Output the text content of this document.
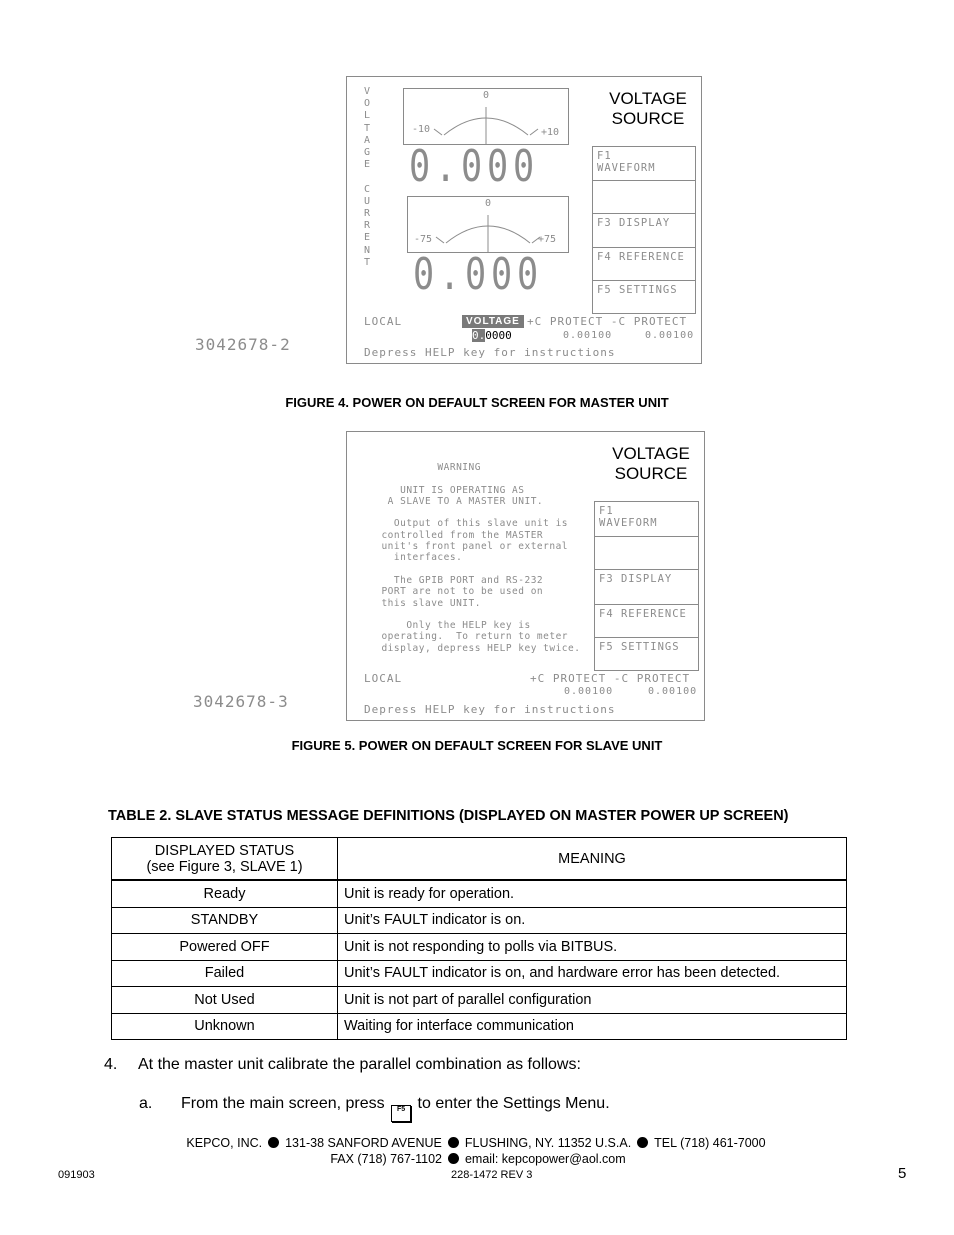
V
O
L
T
A
G
E
C
U
R
R
E
N
T
0
-10	+10
0.000
0
-75	+75
0.000
VOLTAGE
SOURCE
F1
WAVEFORM
F3 DISPLAY
F4 REFERENCE
F5 SETTINGS
LOCAL	VOLTAGE +C PROTECT -C PROTECT
0.0000	0.00100	0.00100
Depress HELP key for instructions
3042678-2
FIGURE 4. POWER ON DEFAULT SCREEN FOR MASTER UNIT
WARNING

UNIT IS OPERATING AS
A SLAVE TO A MASTER UNIT.

Output of this slave unit is
controlled from the MASTER
unit's front panel or external
interfaces.

The GPIB PORT and RS-232
PORT are not to be used on
this slave UNIT.

Only the HELP key is
operating.  To return to meter
display, depress HELP key twice.
VOLTAGE
SOURCE
F1
WAVEFORM
F3 DISPLAY
F4 REFERENCE
F5 SETTINGS
LOCAL	+C PROTECT -C PROTECT
0.00100	0.00100
Depress HELP key for instructions
3042678-3
FIGURE 5. POWER ON DEFAULT SCREEN FOR SLAVE UNIT
TABLE 2. SLAVE STATUS MESSAGE DEFINITIONS (DISPLAYED ON MASTER POWER UP SCREEN)
DISPLAYED STATUS
(see Figure 3, SLAVE 1)	MEANING
Ready	Unit is ready for operation.
STANDBY	Unit’s FAULT indicator is on.
Powered OFF	Unit is not responding to polls via BITBUS.
Failed	Unit’s FAULT indicator is on, and hardware error has been detected.
Not Used	Unit is not part of parallel configuration
Unknown	Waiting for interface communication
4. At the master unit calibrate the parallel combination as follows:
a. From the main screen, press F5 to enter the Settings Menu.
KEPCO, INC. 131-38 SANFORD AVENUE FLUSHING, NY. 11352 U.S.A. TEL (718) 461-7000
FAX (718) 767-1102 email: kepcopower@aol.com
091903	228-1472 REV 3	5
